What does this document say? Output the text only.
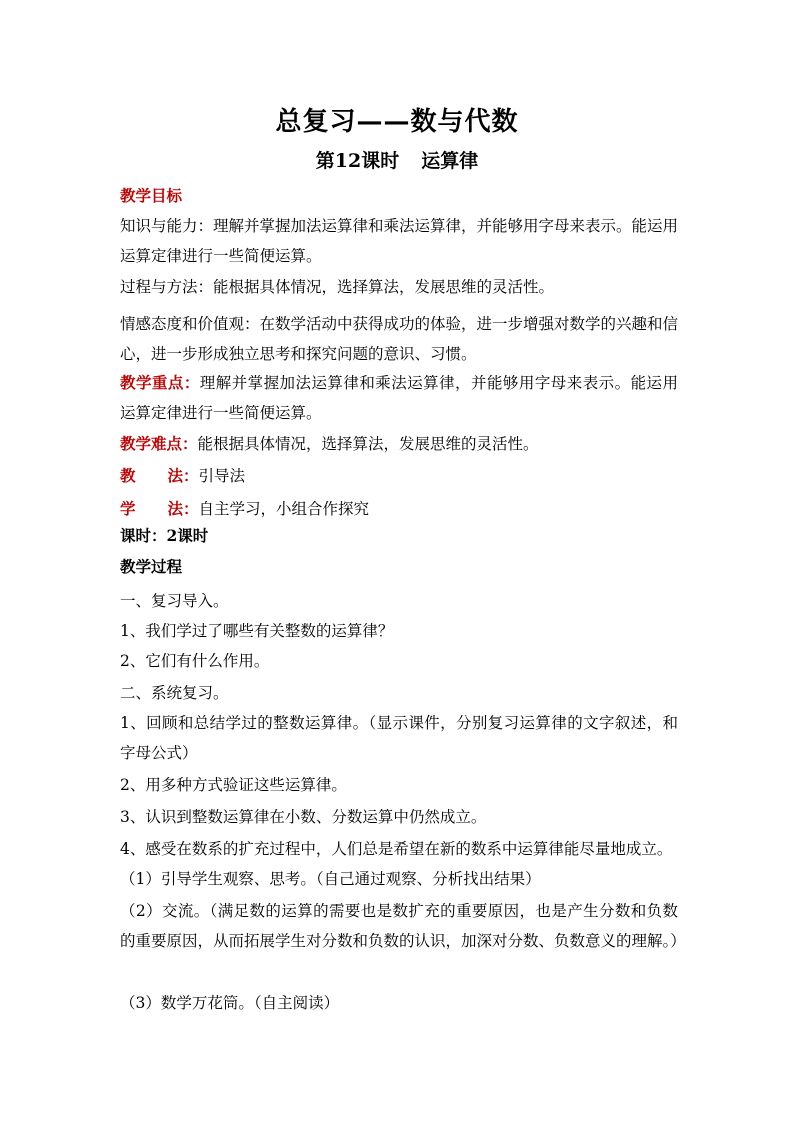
总复习——数与代数
第12课时 运算律
教学目标
知识与能力：理解并掌握加法运算律和乘法运算律，并能够用字母来表示。能运用运算定律进行一些简便运算。
过程与方法：能根据具体情况，选择算法，发展思维的灵活性。
情感态度和价值观：在数学活动中获得成功的体验，进一步增强对数学的兴趣和信心，进一步形成独立思考和探究问题的意识、习惯。
教学重点：理解并掌握加法运算律和乘法运算律，并能够用字母来表示。能运用运算定律进行一些简便运算。
教学难点：能根据具体情况，选择算法，发展思维的灵活性。
教 法：引导法
学 法：自主学习，小组合作探究
课时：2课时
教学过程
一、复习导入。
1、我们学过了哪些有关整数的运算律？
2、它们有什么作用。
二、系统复习。
1、回顾和总结学过的整数运算律。（显示课件，分别复习运算律的文字叙述，和字母公式）
2、用多种方式验证这些运算律。
3、认识到整数运算律在小数、分数运算中仍然成立。
4、感受在数系的扩充过程中，人们总是希望在新的数系中运算律能尽量地成立。
（1）引导学生观察、思考。（自己通过观察、分析找出结果）
（2）交流。（满足数的运算的需要也是数扩充的重要原因，也是产生分数和负数的重要原因，从而拓展学生对分数和负数的认识，加深对分数、负数意义的理解。）
（3）数学万花筒。（自主阅读）
